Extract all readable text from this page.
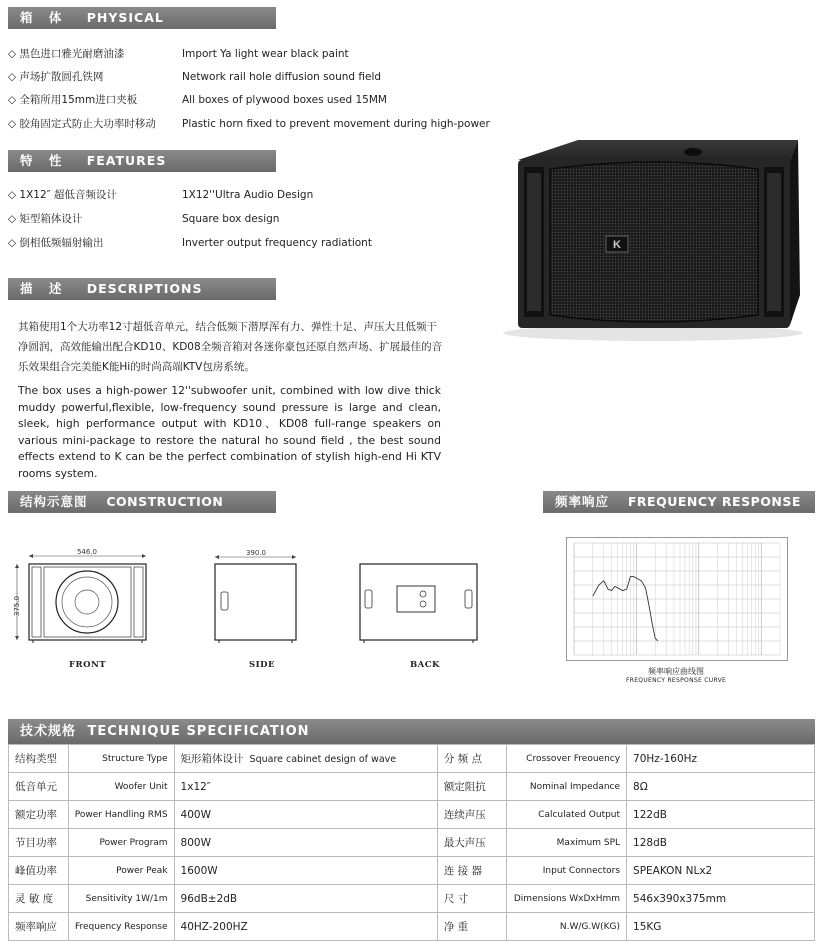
箱 体 PHYSICAL
◇ 黑色进口雅光耐磨油漆	Import Ya light wear black paint
◇ 声场扩散圆孔铁网	Network rail hole diffusion sound field
◇ 全箱所用15mm进口夹板	All boxes of plywood boxes used 15MM
◇ 胶角固定式防止大功率时移动 Plastic horn fixed to prevent movement during high-power
特 性 FEATURES
◇ 1X12″ 超低音频设计	1X12''Ultra Audio Design
◇ 矩型箱体设计	Square box design
◇ 倒相低频辐射输出	Inverter output frequency radiationt
描 述 DESCRIPTIONS
其箱使用1个大功率12寸超低音单元，结合低频下潜厚浑有力、弹性十足、声压大且低频干净圆润，高效能输出配合KD10、KD08全频音箱对各迷你豪包还原自然声场、扩展最佳的音乐效果组合完美能K能Hi的时尚高端KTV包房系统。
The box uses a high-power 12''subwoofer unit, combined with low dive thick muddy powerful,flexible, low-frequency sound pressure is large and clean, sleek, high performance output with KD10、KD08 full-range speakers on various mini-package to restore the natural ho sound field , the best sound effects extend to K can be the perfect combination of stylish high-end Hi KTV rooms system.
K
结构示意图 CONSTRUCTION DRAWING
546.0
375.0
FRONT
390.0
SIDE	BACK
频率响应 FREQUENCY RESPONSE
频率响应曲线图
FREQUENCY RESPONSE CURVE
技术规格 TECHNIQUE SPECIFICATION
结构类型	Structure Type	矩形箱体设计 Square cabinet design of wave	分 频 点	Crossover Freouency	70Hz-160Hz
低音单元	Woofer Unit	1x12″	额定阻抗	Nominal Impedance	8Ω
额定功率	Power Handling RMS	400W	连续声压	Calculated Output	122dB
节目功率	Power Program	800W	最大声压	Maximum SPL	128dB
峰值功率	Power Peak	1600W	连 接 器	Input Connectors	SPEAKON NLx2
灵 敏 度	Sensitivity 1W/1m	96dB±2dB	尺 寸	Dimensions WxDxHmm	546x390x375mm
频率响应	Frequency Response	40HZ-200HZ	净 重	N.W/G.W(KG)	15KG
